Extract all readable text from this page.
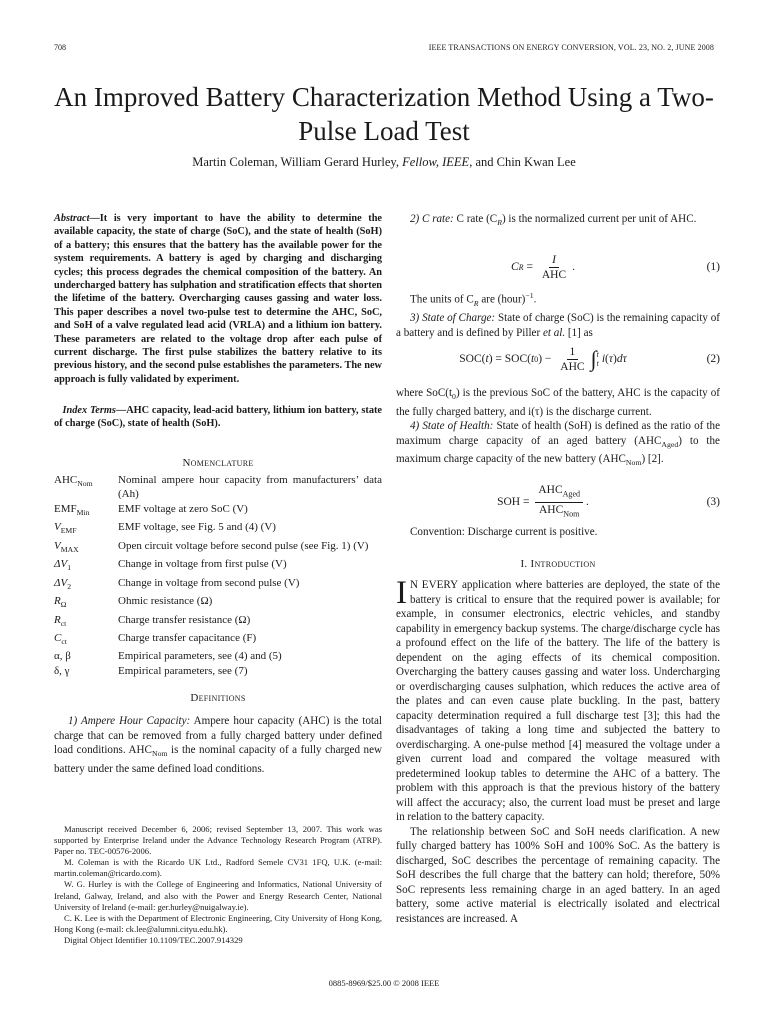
708	IEEE TRANSACTIONS ON ENERGY CONVERSION, VOL. 23, NO. 2, JUNE 2008
An Improved Battery Characterization Method Using a Two-Pulse Load Test
Martin Coleman, William Gerard Hurley, Fellow, IEEE, and Chin Kwan Lee
Abstract—It is very important to have the ability to determine the available capacity, the state of charge (SoC), and the state of health (SoH) of a battery; this ensures that the battery has the available power for the system requirements. A battery is aged by charging and discharging cycles; this process degrades the chemical composition of the battery. An undercharged battery has sulphation and stratification effects that shorten the lifetime of the battery. Overcharging causes gassing and water loss. This paper describes a novel two-pulse test to determine the AHC, SoC, and SoH of a valve regulated lead acid (VRLA) and a lithium ion battery. These parameters are related to the voltage drop after each pulse of current discharge. The first pulse stabilizes the battery relative to its previous history, and the second pulse establishes the parameters. The new approach is fully validated by experiment.
Index Terms—AHC capacity, lead-acid battery, lithium ion battery, state of charge (SoC), state of health (SoH).
Nomenclature
$AHC_{Nom}$	Nominal ampere hour capacity from manufacturers’ data (Ah)
$EMF_{Min}$	EMF voltage at zero SoC (V)
$V_{EMF}$	EMF voltage, see Fig. 5 and (4) (V)
$V_{MAX}$	Open circuit voltage before second pulse (see Fig. 1) (V)
$\Delta V_1$	Change in voltage from first pulse (V)
$\Delta V_2$	Change in voltage from second pulse (V)
$R_\Omega$	Ohmic resistance (Ω)
$R_{ct}$	Charge transfer resistance (Ω)
$C_{ct}$	Charge transfer capacitance (F)
α, β	Empirical parameters, see (4) and (5)
δ, γ	Empirical parameters, see (7)
Definitions
1) Ampere Hour Capacity: Ampere hour capacity (AHC) is the total charge that can be removed from a fully charged battery under defined load conditions. $AHC_{Nom}$ is the nominal capacity of a fully charged new battery under the same defined load conditions.

Manuscript received December 6, 2006; revised September 13, 2007. This work was supported by Enterprise Ireland under the Advance Technology Research Program (ATRP). Paper no. TEC-00576-2006.

M. Coleman is with the Ricardo UK Ltd., Radford Semele CV31 1FQ, U.K. (e-mail: martin.coleman@ricardo.com).

W. G. Hurley is with the College of Engineering and Informatics, National University of Ireland, Galway, Ireland, and also with the Power and Energy Research Center, National University of Ireland (e-mail: ger.hurley@nuigalway.ie).

C. K. Lee is with the Department of Electronic Engineering, City University of Hong Kong, Hong Kong (e-mail: ck.lee@alumni.cityu.edu.hk).

Digital Object Identifier 10.1109/TEC.2007.914329

2) C rate: C rate $(C_R)$ is the normalized current per unit of AHC.

C $R = \frac{I}{\text{AHC}}$ .	(1)

The units of $C_R$ are (hour)$^{-1}$.

3) State of Charge: State of charge (SoC) is the remaining capacity of a battery and is defined by Piller et al. [1] as

SOC( t ) = SOC( t 0 ) − $\frac{1}{\text{AHC}}$ ∫ t
t i ( τ ) dτ	(2)

where $SoC(t_0)$ is the previous SoC of the battery, AHC is the capacity of the fully charged battery, and i(τ) is the discharge current.

4) State of Health: State of health (SoH) is defined as the ratio of the maximum charge capacity of an aged battery $(AHC_{Aged})$ to the maximum charge capacity of the new battery $(AHC_{Nom})$ [2].

SOH = $\frac{AHC_{Aged}}{AHC_{Nom}}$ .	(3)

Convention: Discharge current is positive.

I. Introduction

I N EVERY application where batteries are deployed, the state of the battery is critical to ensure that the required power is available; for example, in consumer electronics, electric vehicles, and standby capability in emergency backup systems. The charge/discharge cycle has a profound effect on the life of the battery. The life of the battery is dependent on the aging effects of its chemical composition. Overcharging the battery causes gassing and water loss. Undercharging or overdischarging causes sulphation, which reduces the active area of the plates and can even cause plate buckling. In the past, battery capacity determination required a full discharge test [3]; this had the disadvantages of taking a long time and subjected the battery to overdischarging. A one-pulse method [4] measured the voltage under a given current load and compared the voltage measured with predetermined lookup tables to determine the AHC of a battery. The problem with this approach is that the previous history of the battery will affect the accuracy; also, the current load must be preset and large in relation to the battery capacity.

The relationship between SoC and SoH needs clarification. A new fully charged battery has 100% SoH and 100% SoC. As the battery is discharged, SoC describes the percentage of remaining capacity. The SoH describes the full charge that the battery can hold; therefore, 50% SoC represents less remaining charge in an aged battery. In an aged battery, some active material is electrically isolated and electrical resistances are increased. A

0885-8969/$25.00 © 2008 IEEE
